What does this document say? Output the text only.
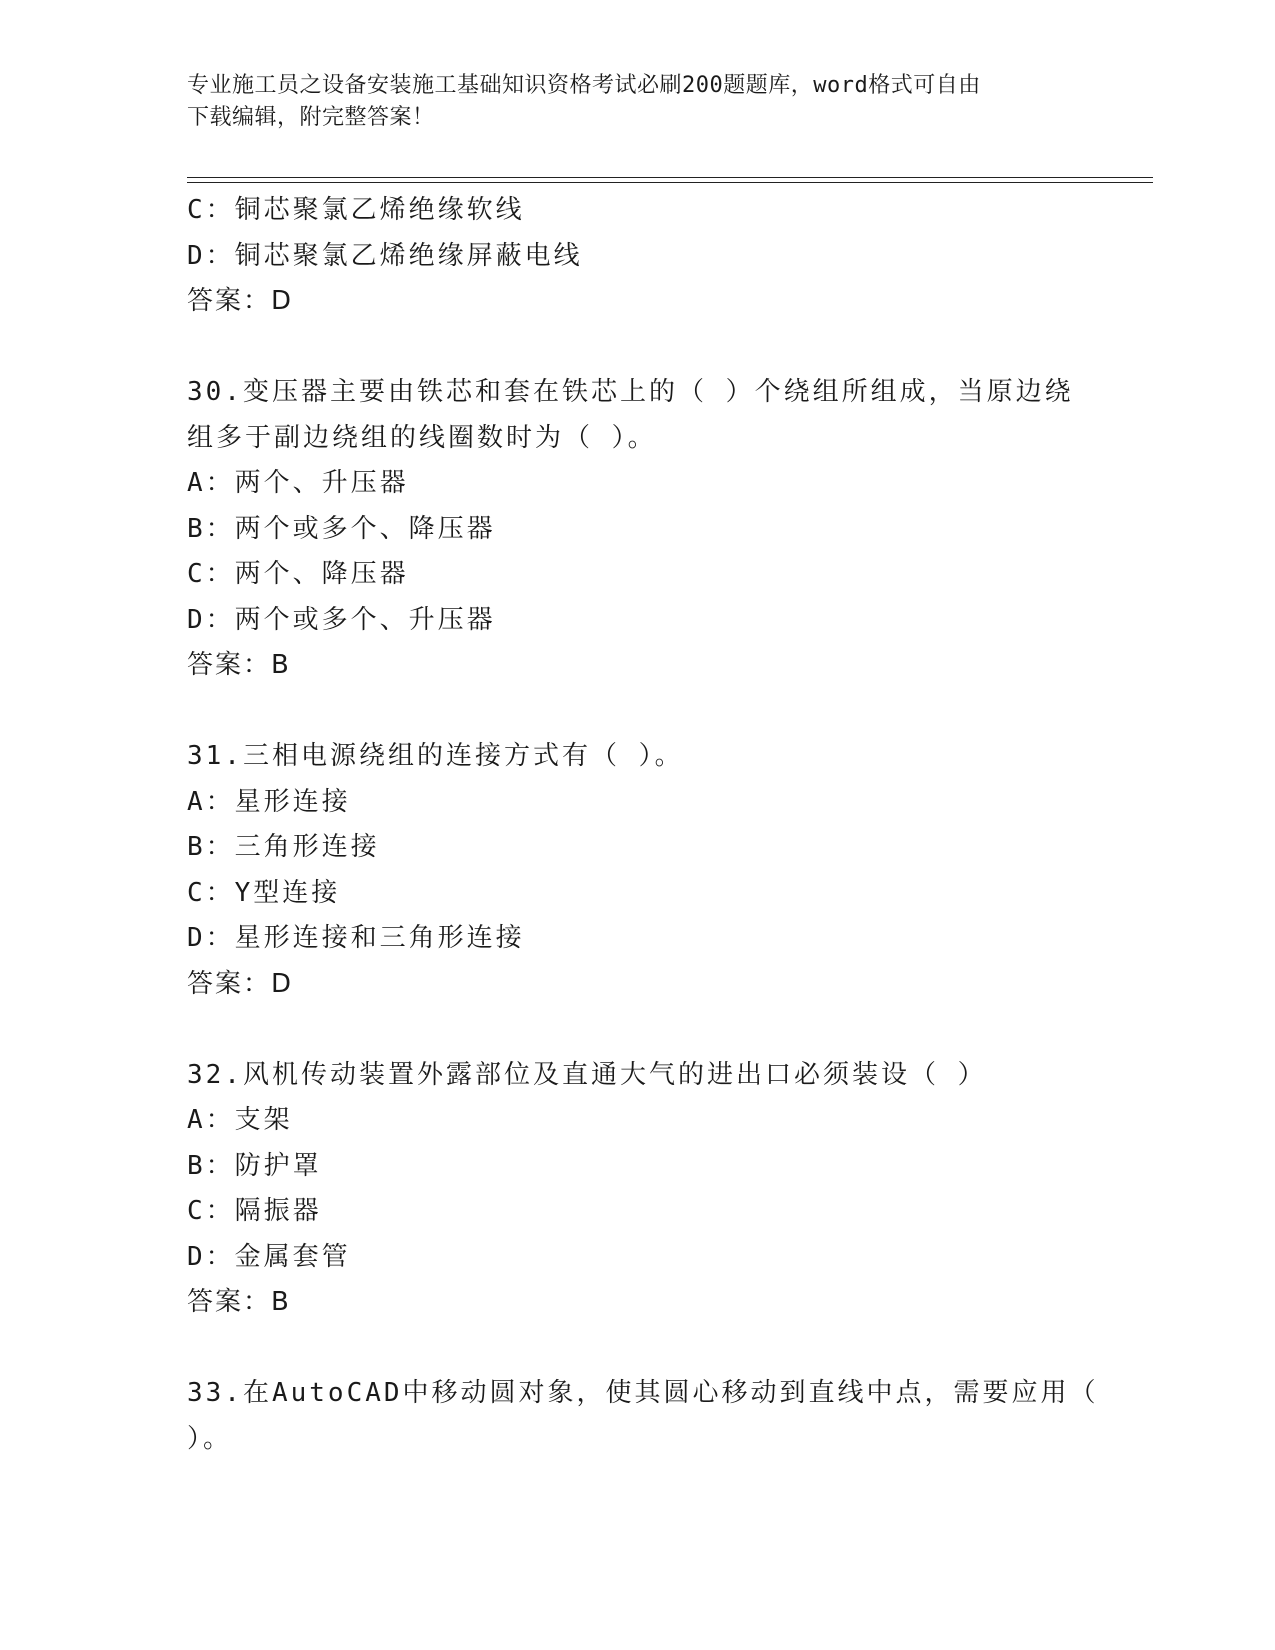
专业施工员之设备安装施工基础知识资格考试必刷200题题库，word格式可自由
下载编辑，附完整答案！
C：铜芯聚氯乙烯绝缘软线
D：铜芯聚氯乙烯绝缘屏蔽电线
答案：D
30.变压器主要由铁芯和套在铁芯上的（ ）个绕组所组成，当原边绕
组多于副边绕组的线圈数时为（ ）。
A：两个、升压器
B：两个或多个、降压器
C：两个、降压器
D：两个或多个、升压器
答案：B
31.三相电源绕组的连接方式有（ ）。
A：星形连接
B：三角形连接
C：Y型连接
D：星形连接和三角形连接
答案：D
32.风机传动装置外露部位及直通大气的进出口必须装设（ ）
A：支架
B：防护罩
C：隔振器
D：金属套管
答案：B
33.在AutoCAD中移动圆对象，使其圆心移动到直线中点，需要应用（
）。
